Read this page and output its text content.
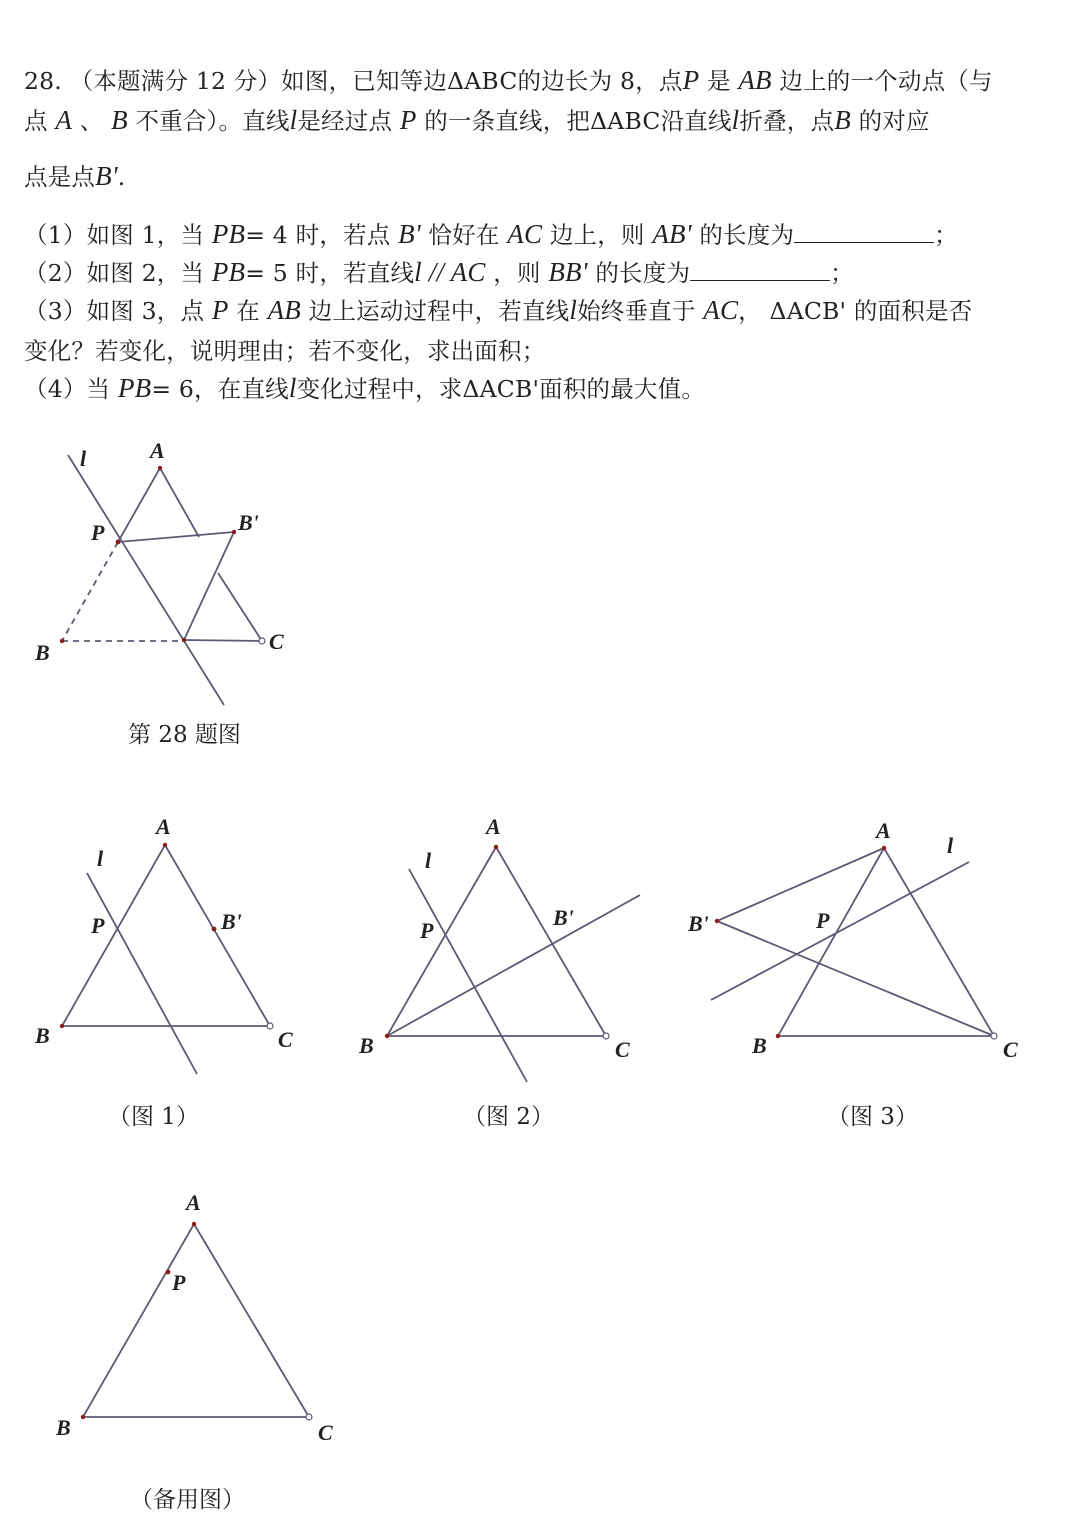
28. （本题满分 12 分）如图，已知等边ΔABC的边长为 8，点P 是 AB 边上的一个动点（与
点 A 、 B 不重合）。直线l是经过点 P 的一条直线，把ΔABC沿直线l折叠，点B 的对应
点是点B'.
（1）如图 1，当 PB= 4 时，若点 B' 恰好在 AC 边上，则 AB' 的长度为	；
（2）如图 2，当 PB= 5 时，若直线l // AC ，则 BB' 的长度为	；
（3）如图 3，点 P 在 AB 边上运动过程中，若直线l始终垂直于 AC， ΔACB' 的面积是否
变化？若变化，说明理由；若不变化，求出面积；
（4）当 PB= 6，在直线l变化过程中，求ΔACB'面积的最大值。
l	A
P	B'
B	C
A
l
P	B'
B	C
A
l
P
B'
B	C
A
l
P
B'
B	C
A
P
B	C
第 28 题图
（图 1）	（图 2）	（图 3）
（备用图）
